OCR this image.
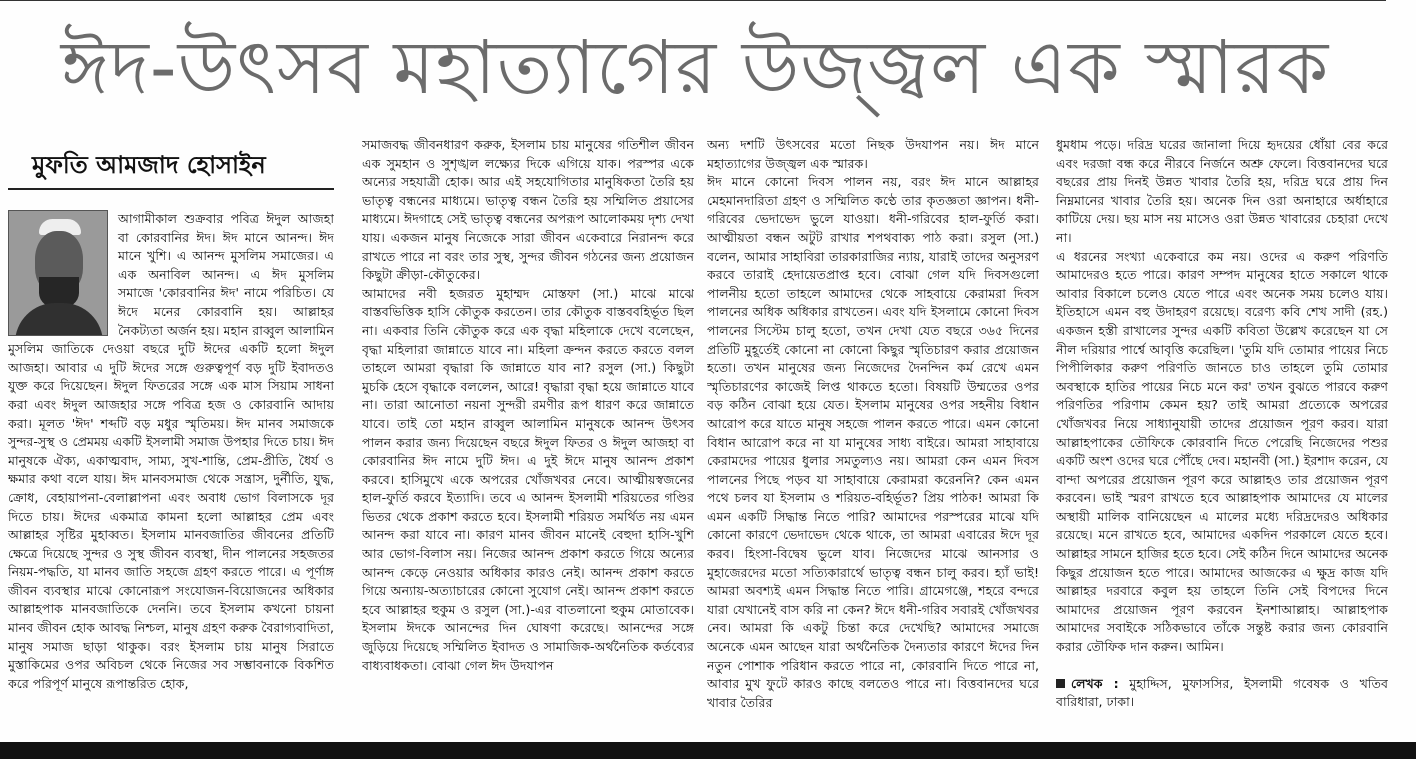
ঈদ-উৎসব মহাত্যাগের উজ্জ্বল এক স্মারক
মুফতি আমজাদ হোসাইন

আগামীকাল শুক্রবার পবিত্র ঈদুল আজহা বা কোরবানির ঈদ। ঈদ মানে আনন্দ। ঈদ মানে খুশি। এ আনন্দ মুসলিম সমাজের। এ এক অনাবিল আনন্দ। এ ঈদ মুসলিম সমাজে 'কোরবানির ঈদ' নামে পরিচিত। যে ঈদে মনের কোরবানি হয়। আল্লাহর নৈকট্যতা অর্জন হয়। মহান রাব্বুল আলামিন মুসলিম জাতিকে দেওয়া বছরে দুটি ঈদের একটি হলো ঈদুল আজহা। আবার এ দুটি ঈদের সঙ্গে গুরুত্বপূর্ণ বড় দুটি ইবাদতও যুক্ত করে দিয়েছেন। ঈদুল ফিতরের সঙ্গে এক মাস সিয়াম সাধনা করা এবং ঈদুল আজহার সঙ্গে পবিত্র হজ ও কোরবানি আদায় করা। মূলত 'ঈদ' শব্দটি বড় মধুর স্মৃতিময়। ঈদ মানব সমাজকে সুন্দর-সুস্থ ও প্রেমময় একটি ইসলামী সমাজ উপহার দিতে চায়। ঈদ মানুষকে ঐক্য, একাত্মবাদ, সাম্য, সুখ-শান্তি, প্রেম-প্রীতি, ধৈর্য ও ক্ষমার কথা বলে যায়। ঈদ মানবসমাজ থেকে সন্ত্রাস, দুর্নীতি, যুদ্ধ, ক্রোধ, বেহায়াপনা-বেলাল্লাপনা এবং অবাধ ভোগ বিলাসকে দূর দিতে চায়। ঈদের একমাত্র কামনা হলো আল্লাহর প্রেম এবং আল্লাহর সৃষ্টির মুহাব্বত। ইসলাম মানবজাতির জীবনের প্রতিটি ক্ষেত্রে দিয়েছে সুন্দর ও সুস্থ জীবন ব্যবস্থা, দীন পালনের সহজতর নিয়ম-পদ্ধতি, যা মানব জাতি সহজে গ্রহণ করতে পারে। এ পূর্ণাঙ্গ জীবন ব্যবস্থার মাঝে কোনোরূপ সংযোজন-বিয়োজনের অধিকার আল্লাহপাক মানবজাতিকে দেননি। তবে ইসলাম কখনো চায়না মানব জীবন হোক আবদ্ধ নিশ্চল, মানুষ গ্রহণ করুক বৈরাগ্যবাদিতা, মানুষ সমাজ ছাড়া থাকুক। বরং ইসলাম চায় মানুষ সিরাতে মুস্তাকিমের ওপর অবিচল থেকে নিজের সব সম্ভাবনাকে বিকশিত করে পরিপূর্ণ মানুষে রূপান্তরিত হোক,

সমাজবদ্ধ জীবনধারণ করুক, ইসলাম চায় মানুষের গতিশীল জীবন এক সুমহান ও সুশৃঙ্খল লক্ষ্যের দিকে এগিয়ে যাক। পরস্পর একে অন্যের সহযাত্রী হোক। আর এই সহযোগিতার মানুষিকতা তৈরি হয় ভাতৃত্ব বন্ধনের মাধ্যমে। ভাতৃত্ব বন্ধন তৈরি হয় সম্মিলিত প্রয়াসের মাধ্যমে। ঈদগাহে সেই ভাতৃত্ব বন্ধনের অপরূপ আলোকময় দৃশ্য দেখা যায়। একজন মানুষ নিজেকে সারা জীবন একেবারে নিরানন্দ করে রাখতে পারে না বরং তার সুস্থ, সুন্দর জীবন গঠনের জন্য প্রয়োজন কিছুটা ক্রীড়া-কৌতুকের।

আমাদের নবী হজরত মুহাম্মদ মোস্তফা (সা.) মাঝে মাঝে বাস্তবভিত্তিক হাসি কৌতুক করতেন। তার কৌতুক বাস্তববহির্ভূত ছিল না। একবার তিনি কৌতুক করে এক বৃদ্ধা মহিলাকে দেখে বলেছেন, বৃদ্ধা মহিলারা জান্নাতে যাবে না। মহিলা ক্রন্দন করতে করতে বলল তাহলে আমরা বৃদ্ধারা কি জান্নাতে যাব না? রসুল (সা.) কিছুটা মুচকি হেসে বৃদ্ধাকে বললেন, আরে! বৃদ্ধারা বৃদ্ধা হয়ে জান্নাতে যাবে না। তারা আনোতা নয়না সুন্দরী রমণীর রূপ ধারণ করে জান্নাতে যাবে। তাই তো মহান রাব্বুল আলামিন মানুষকে আনন্দ উৎসব পালন করার জন্য দিয়েছেন বছরে ঈদুল ফিতর ও ঈদুল আজহা বা কোরবানির ঈদ নামে দুটি ঈদ। এ দুই ঈদে মানুষ আনন্দ প্রকাশ করবে। হাসিমুখে একে অপরের খোঁজখবর নেবে। আত্মীয়স্বজনের হাল-ফুর্তি করবে ইত্যাদি। তবে এ আনন্দ ইসলামী শরিয়তের গণ্ডির ভিতর থেকে প্রকাশ করতে হবে। ইসলামী শরিয়ত সমর্থিত নয় এমন আনন্দ করা যাবে না। কারণ মানব জীবন মানেই বেহুদা হাসি-খুশি আর ভোগ-বিলাস নয়। নিজের আনন্দ প্রকাশ করতে গিয়ে অন্যের আনন্দ কেড়ে নেওয়ার অধিকার কারও নেই। আনন্দ প্রকাশ করতে গিয়ে অন্যায়-অত্যাচারের কোনো সুযোগ নেই। আনন্দ প্রকাশ করতে হবে আল্লাহর হুকুম ও রসুল (সা.)-এর বাতলানো হুকুম মোতাবেক। ইসলাম ঈদকে আনন্দের দিন ঘোষণা করেছে। আনন্দের সঙ্গে জুড়িয়ে দিয়েছে সম্মিলিত ইবাদত ও সামাজিক-অর্থনৈতিক কর্তব্যের বাধ্যবাধকতা। বোঝা গেল ঈদ উদযাপন

অন্য দশটি উৎসবের মতো নিছক উদযাপন নয়। ঈদ মানে মহাত্যাগের উজ্জ্বল এক স্মারক।

ঈদ মানে কোনো দিবস পালন নয়, বরং ঈদ মানে আল্লাহর মেহমানদারিতা গ্রহণ ও সম্মিলিত কণ্ঠে তার কৃতজ্ঞতা জ্ঞাপন। ধনী-গরিবের ভেদাভেদ ভুলে যাওয়া। ধনী-গরিবের হাল-ফুর্তি করা। আত্মীয়তা বন্ধন অটুট রাখার শপথবাক্য পাঠ করা। রসুল (সা.) বলেন, আমার সাহাবিরা তারকারাজির ন্যায়, যারাই তাদের অনুসরণ করবে তারাই হেদায়েতপ্রাপ্ত হবে। বোঝা গেল যদি দিবসগুলো পালনীয় হতো তাহলে আমাদের থেকে সাহবায়ে কেরামরা দিবস পালনের অধিক অধিকার রাখতেন। এবং যদি ইসলামে কোনো দিবস পালনের সিস্টেম চালু হতো, তখন দেখা যেত বছরে ৩৬৫ দিনের প্রতিটি মুহূর্তেই কোনো না কোনো কিছুর স্মৃতিচারণ করার প্রয়োজন হতো। তখন মানুষের জন্য নিজেদের দৈনন্দিন কর্ম রেখে এমন স্মৃতিচারণের কাজেই লিপ্ত থাকতে হতো। বিষয়টি উম্মতের ওপর বড় কঠিন বোঝা হয়ে যেত। ইসলাম মানুষের ওপর সহনীয় বিধান আরোপ করে যাতে মানুষ সহজে পালন করতে পারে। এমন কোনো বিধান আরোপ করে না যা মানুষের সাধ্য বাইরে। আমরা সাহাবায়ে কেরামদের পায়ের ধুলার সমতুল্যও নয়। আমরা কেন এমন দিবস পালনের পিছে পড়ব যা সাহাবায়ে কেরামরা করেননি? কেন এমন পথে চলব যা ইসলাম ও শরিয়ত-বহির্ভূত? প্রিয় পাঠক! আমরা কি এমন একটি সিদ্ধান্ত নিতে পারি? আমাদের পরস্পরের মাঝে যদি কোনো কারণে ভেদাভেদ থেকে থাকে, তা আমরা এবারের ঈদে দূর করব। হিংসা-বিদ্বেষ ভুলে যাব। নিজেদের মাঝে আনসার ও মুহাজেরদের মতো সত্যিকারার্থে ভাতৃত্ব বন্ধন চালু করব। হ্যাঁ ভাই! আমরা অবশ্যই এমন সিদ্ধান্ত নিতে পারি। গ্রামেগঞ্জে, শহরে বন্দরে যারা যেখানেই বাস করি না কেন? ঈদে ধনী-গরিব সবারই খোঁজখবর নেব। আমরা কি একটু চিন্তা করে দেখেছি? আমাদের সমাজে অনেকে এমন আছেন যারা অর্থনৈতিক দৈন্যতার কারণে ঈদের দিন নতুন পোশাক পরিধান করতে পারে না, কোরবানি দিতে পারে না, আবার মুখ ফুটে কারও কাছে বলতেও পারে না। বিত্তবানদের ঘরে খাবার তৈরির

ধুমধাম পড়ে। দরিদ্র ঘরের জানালা দিয়ে হৃদয়ের ধোঁয়া বের করে এবং দরজা বন্ধ করে নীরবে নির্জনে অশ্রু ফেলে। বিত্তবানদের ঘরে বছরের প্রায় দিনই উন্নত খাবার তৈরি হয়, দরিদ্র ঘরে প্রায় দিন নিম্নমানের খাবার তৈরি হয়। অনেক দিন ওরা অনাহারে অর্ধাহারে কাটিয়ে দেয়। ছয় মাস নয় মাসেও ওরা উন্নত খাবারের চেহারা দেখে না।

এ ধরনের সংখ্যা একেবারে কম নয়। ওদের এ করুণ পরিণতি আমাদেরও হতে পারে। কারণ সম্পদ মানুষের হাতে সকালে থাকে আবার বিকালে চলেও যেতে পারে এবং অনেক সময় চলেও যায়। ইতিহাসে এমন বহু উদাহরণ রয়েছে। বরেণ্য কবি শেখ সাদী (রহ.) একজন হস্তী রাখালের সুন্দর একটি কবিতা উল্লেখ করেছেন যা সে নীল দরিয়ার পার্শ্বে আবৃত্তি করেছিল। 'তুমি যদি তোমার পায়ের নিচে পিপীলিকার করুণ পরিণতি জানতে চাও তাহলে তুমি তোমার অবস্থাকে হাতির পায়ের নিচে মনে কর' তখন বুঝতে পারবে করুণ পরিণতির পরিণাম কেমন হয়? তাই আমরা প্রত্যেকে অপরের খোঁজখবর নিয়ে সাধ্যানুযায়ী তাদের প্রয়োজন পূরণ করব। যারা আল্লাহপাকের তৌফিকে কোরবানি দিতে পেরেছি নিজেদের পশুর একটি অংশ ওদের ঘরে পৌঁছে দেব। মহানবী (সা.) ইরশাদ করেন, যে বান্দা অপরের প্রয়োজন পূরণ করে আল্লাহও তার প্রয়োজন পূরণ করবেন। ভাই স্মরণ রাখতে হবে আল্লাহপাক আমাদের যে মালের অস্থায়ী মালিক বানিয়েছেন এ মালের মধ্যে দরিদ্রদেরও অধিকার রয়েছে। মনে রাখতে হবে, আমাদের একদিন পরকালে যেতে হবে। আল্লাহর সামনে হাজির হতে হবে। সেই কঠিন দিনে আমাদের অনেক কিছুর প্রয়োজন হতে পারে। আমাদের আজকের এ ক্ষুদ্র কাজ যদি আল্লাহর দরবারে কবুল হয় তাহলে তিনি সেই বিপদের দিনে আমাদের প্রয়োজন পূরণ করবেন ইনশাআল্লাহ। আল্লাহপাক আমাদের সবাইকে সঠিকভাবে তাঁকে সন্তুষ্ট করার জন্য কোরবানি করার তৌফিক দান করুন। আমিন।

লেখক : মুহাদ্দিস, মুফাসসির, ইসলামী গবেষক ও খতিব বারিধারা, ঢাকা।
